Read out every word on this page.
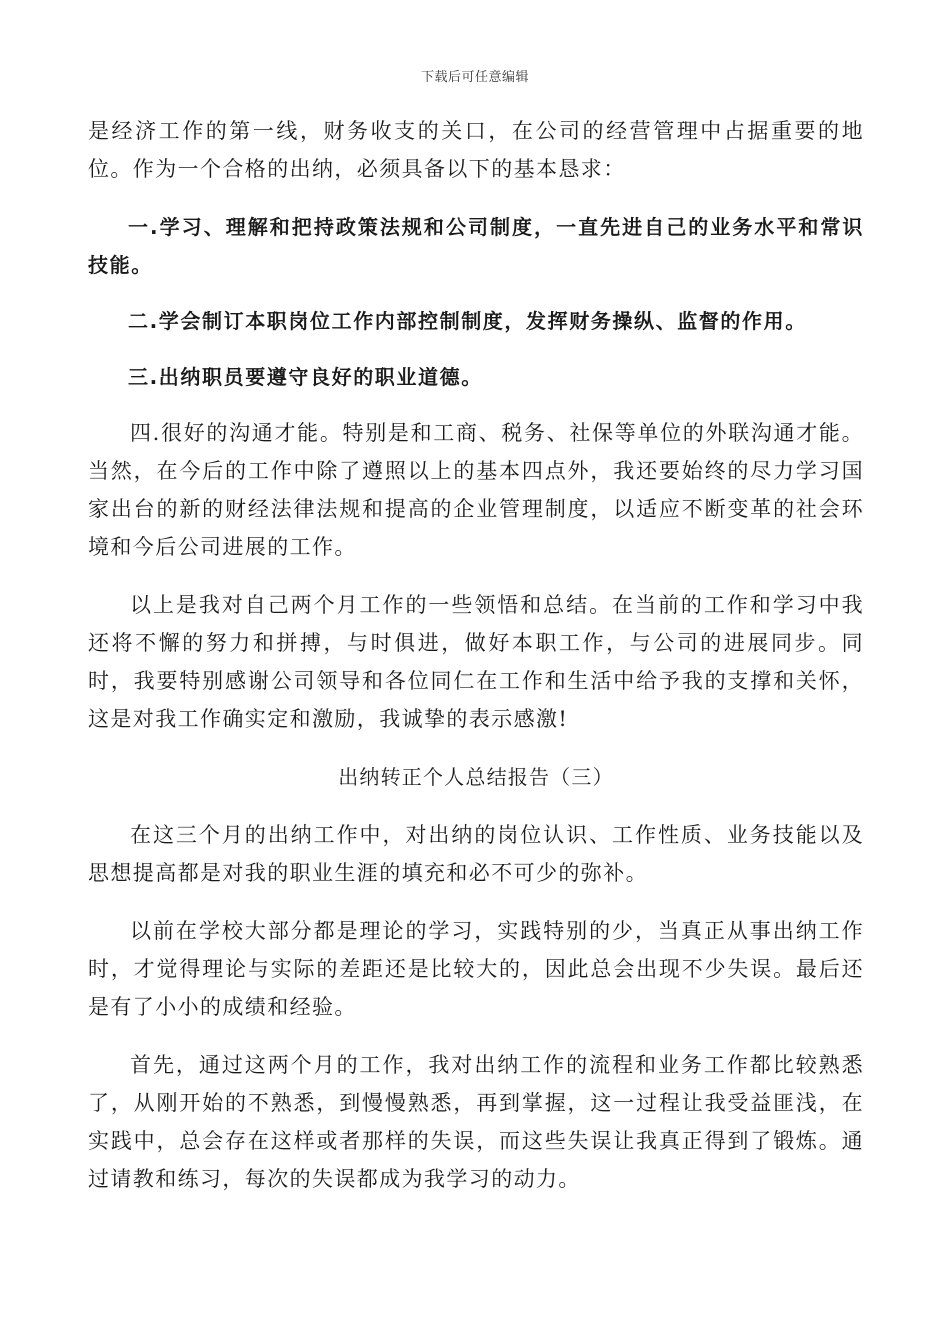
下载后可任意编辑

是经济工作的第一线，财务收支的关口，在公司的经营管理中占据重要的地位。作为一个合格的出纳，必须具备以下的基本恳求：

一.学习、理解和把持政策法规和公司制度，一直先进自己的业务水平和常识技能。

二.学会制订本职岗位工作内部控制制度，发挥财务操纵、监督的作用。

三.出纳职员要遵守良好的职业道德。

四.很好的沟通才能。特别是和工商、税务、社保等单位的外联沟通才能。当然，在今后的工作中除了遵照以上的基本四点外，我还要始终的尽力学习国家出台的新的财经法律法规和提高的企业管理制度，以适应不断变革的社会环境和今后公司进展的工作。

以上是我对自己两个月工作的一些领悟和总结。在当前的工作和学习中我还将不懈的努力和拼搏，与时俱进，做好本职工作，与公司的进展同步。同时，我要特别感谢公司领导和各位同仁在工作和生活中给予我的支撑和关怀，这是对我工作确实定和激励，我诚挚的表示感激!

出纳转正个人总结报告（三）

在这三个月的出纳工作中，对出纳的岗位认识、工作性质、业务技能以及思想提高都是对我的职业生涯的填充和必不可少的弥补。

以前在学校大部分都是理论的学习，实践特别的少，当真正从事出纳工作时，才觉得理论与实际的差距还是比较大的，因此总会出现不少失误。最后还是有了小小的成绩和经验。

首先，通过这两个月的工作，我对出纳工作的流程和业务工作都比较熟悉了，从刚开始的不熟悉，到慢慢熟悉，再到掌握，这一过程让我受益匪浅，在实践中，总会存在这样或者那样的失误，而这些失误让我真正得到了锻炼。通过请教和练习，每次的失误都成为我学习的动力。
